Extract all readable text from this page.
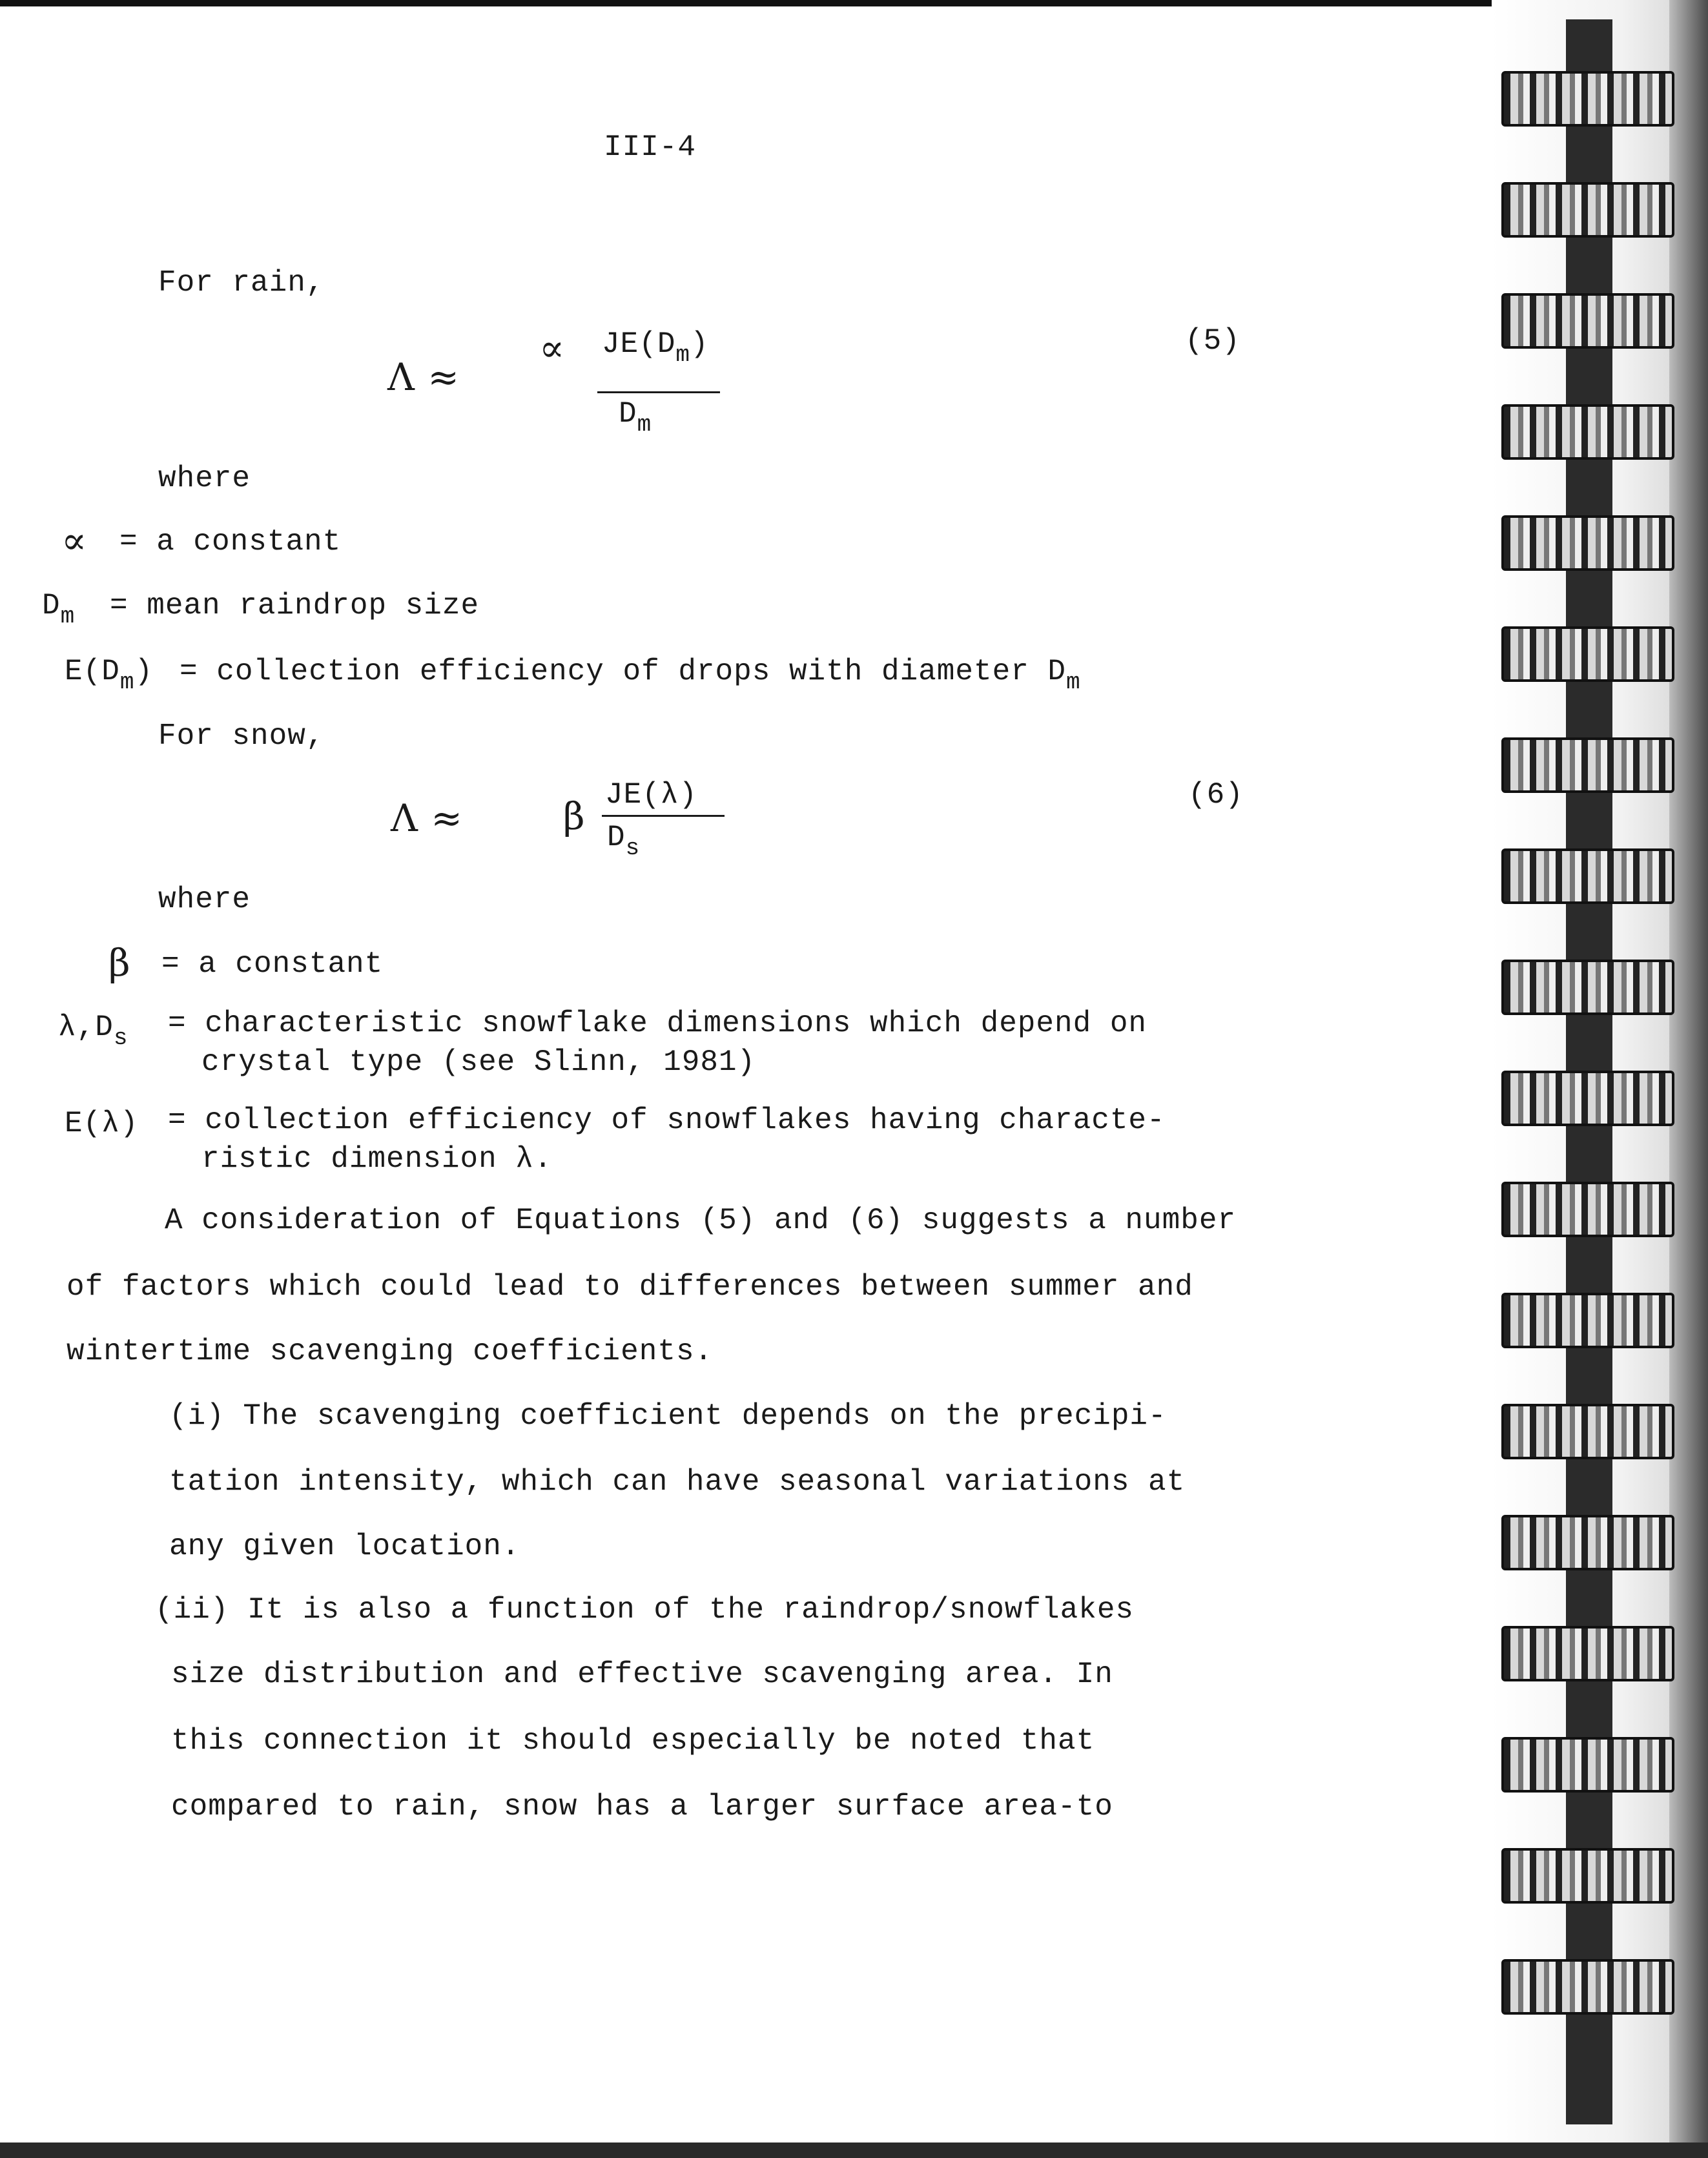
III-4
For rain,
Λ ≈
∝ $JE(D_m)$
$D_m$
(5)
where
∝ = a constant
$D_m$ = mean raindrop size
$E(D_m)$ = collection efficiency of drops with diameter $D_m$
For snow,
Λ ≈	β JE(λ)
$D_s$
(6)
where
β = a constant
$\lambda,D_s$ = characteristic snowflake dimensions which depend on
crystal type (see Slinn, 1981)
E(λ) = collection efficiency of snowflakes having characte-
ristic dimension λ.
A consideration of Equations (5) and (6) suggests a number
of factors which could lead to differences between summer and
wintertime scavenging coefficients.
(i) The scavenging coefficient depends on the precipi-
tation intensity, which can have seasonal variations at
any given location.
(ii) It is also a function of the raindrop/snowflakes
size distribution and effective scavenging area. In
this connection it should especially be noted that
compared to rain, snow has a larger surface area-to
